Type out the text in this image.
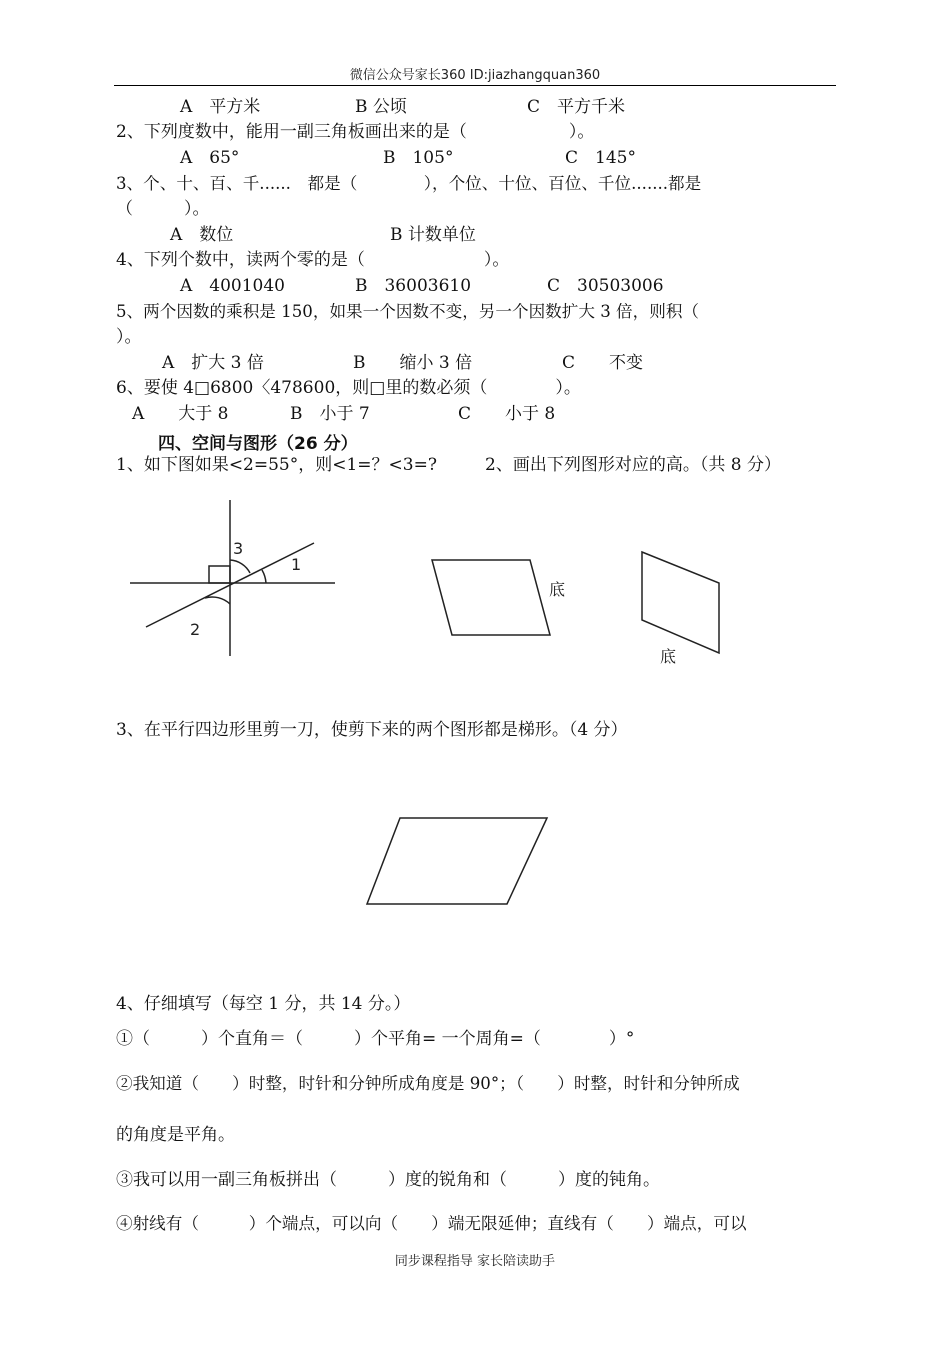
微信公众号家长360 ID:jiazhangquan360
A　平方米	B 公顷	C　平方千米
2、下列度数中，能用一副三角板画出来的是（　　　　　　）。
A　65°	B　105°	C　145°
3、个、十、百、千......　都是（　　　　），个位、十位、百位、千位.......都是
（　　　）。
A　数位	B 计数单位
4、下列个数中，读两个零的是（　　　　　　　）。
A　4001040	B　36003610	C　30503006
5、两个因数的乘积是 150，如果一个因数不变，另一个因数扩大 3 倍，则积（
）。
A　扩大 3 倍	B　　缩小 3 倍	C　　不变
6、要使 4□6800〈478600，则□里的数必须（　　　　）。
A　　大于 8	B　小于 7	C　　小于 8
四、空间与图形（26 分）
1、如下图如果<2=55°，则<1=？<3=?	2、画出下列图形对应的高。（共 8 分）
1
2
3
底
底
3、在平行四边形里剪一刀，使剪下来的两个图形都是梯形。（4 分）
4、仔细填写（每空 1 分，共 14 分。）
①（　　　）个直角＝（　　　）个平角= 一个周角=（　　　　）°
②我知道（　　）时整，时针和分钟所成角度是 90°；（　　）时整，时针和分钟所成
的角度是平角。
③我可以用一副三角板拼出（　　　）度的锐角和（　　　）度的钝角。
④射线有（　　　）个端点，可以向（　　）端无限延伸；直线有（　　）端点，可以
同步课程指导 家长陪读助手
